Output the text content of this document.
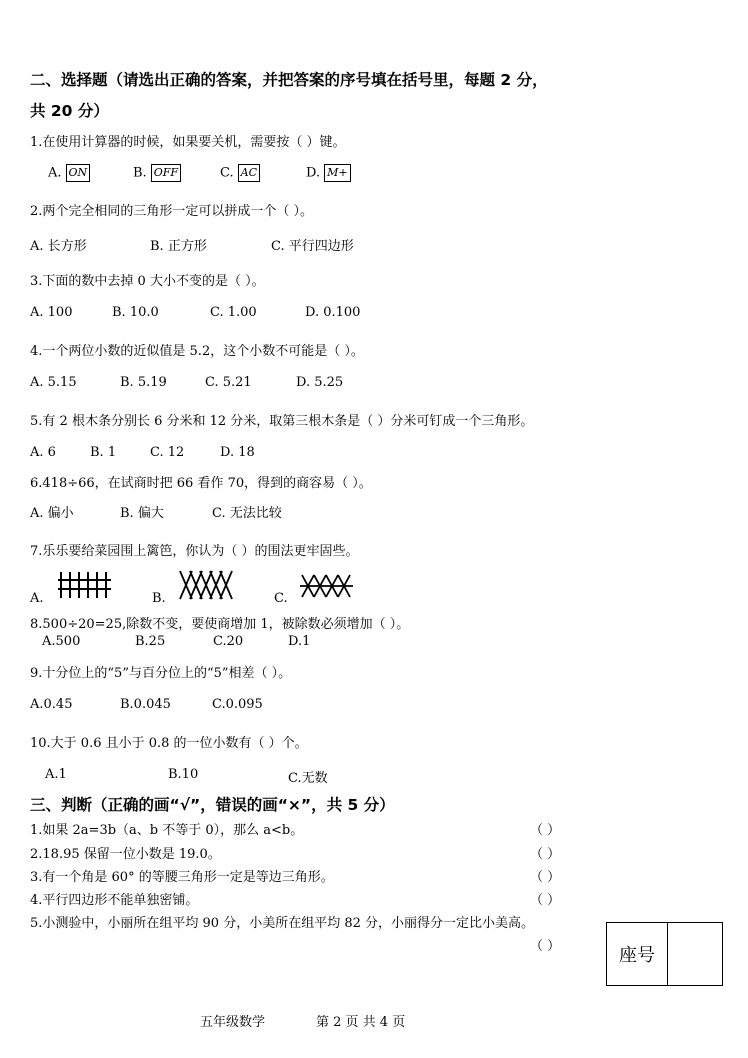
二、选择题（请选出正确的答案，并把答案的序号填在括号里，每题 2 分，
共 20 分）
1.在使用计算器的时候，如果要关机，需要按（ ）键。
A. ON	B. OFF	C. AC	D. M+
2.两个完全相同的三角形一定可以拼成一个（ ）。
A. 长方形	B. 正方形	C. 平行四边形
3.下面的数中去掉 0 大小不变的是（ ）。
A. 100	B. 10.0	C. 1.00	D. 0.100
4.一个两位小数的近似值是 5.2，这个小数不可能是（ ）。
A. 5.15	B. 5.19	C. 5.21	D. 5.25
5.有 2 根木条分别长 6 分米和 12 分米，取第三根木条是（ ）分米可钉成一个三角形。
A. 6	B. 1	C. 12	D. 18
6.418÷66，在试商时把 66 看作 70，得到的商容易（ ）。
A. 偏小	B. 偏大	C. 无法比较
7.乐乐要给菜园围上篱笆，你认为（ ）的围法更牢固些。
A.	B.	C.
8.500÷20=25,除数不变，要使商增加 1，被除数必须增加（ ）。
A.500	B.25	C.20	D.1
9.十分位上的“5”与百分位上的“5”相差（ ）。
A.0.45	B.0.045	C.0.095
10.大于 0.6 且小于 0.8 的一位小数有（ ）个。
A.1	B.10	C.无数
三、判断（正确的画“√”，错误的画“×”，共 5 分）
1.如果 2a=3b（a、b 不等于 0），那么 a<b。	（ ）
2.18.95 保留一位小数是 19.0。	（ ）
3.有一个角是 60° 的等腰三角形一定是等边三角形。	（ ）
4.平行四边形不能单独密铺。	（ ）
5.小测验中，小丽所在组平均 90 分，小美所在组平均 82 分，小丽得分一定比小美高。
（ ）	座号
五年级数学	第 2 页 共 4 页
